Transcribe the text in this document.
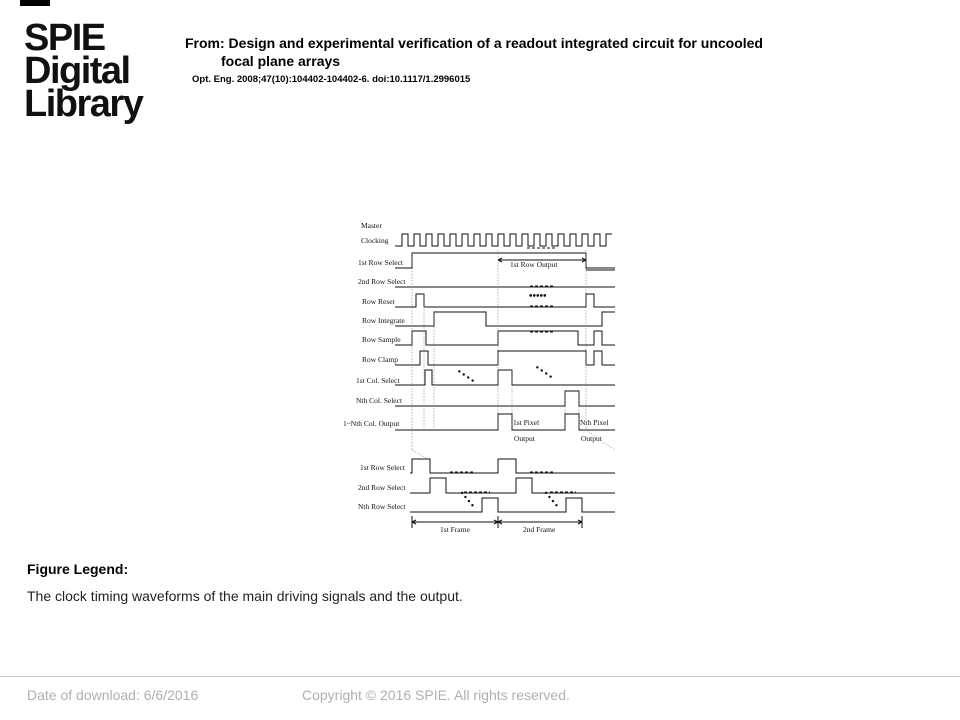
SPIE
Digital
Library
From: Design and experimental verification of a readout integrated circuit for uncooled
focal plane arrays
Opt. Eng. 2008;47(10):104402-104402-6. doi:10.1117/1.2996015
Master
Clocking
1st Row Select
2nd Row Select
Row Reset
Row Integrate
Row Sample
Row Clamp
1st Col. Select
Nth Col. Select
1~Nth Col. Output
1st Row Select
2nd Row Select
Nth Row Select
1st Row Output
•••••
• • • •	• • • •
1st Pixel	Nth Pixel
Output	Output
• • • •	• • • •
1st Frame	2nd Frame
Figure Legend:
The clock timing waveforms of the main driving signals and the output.
Date of download: 6/6/2016	Copyright © 2016 SPIE. All rights reserved.
